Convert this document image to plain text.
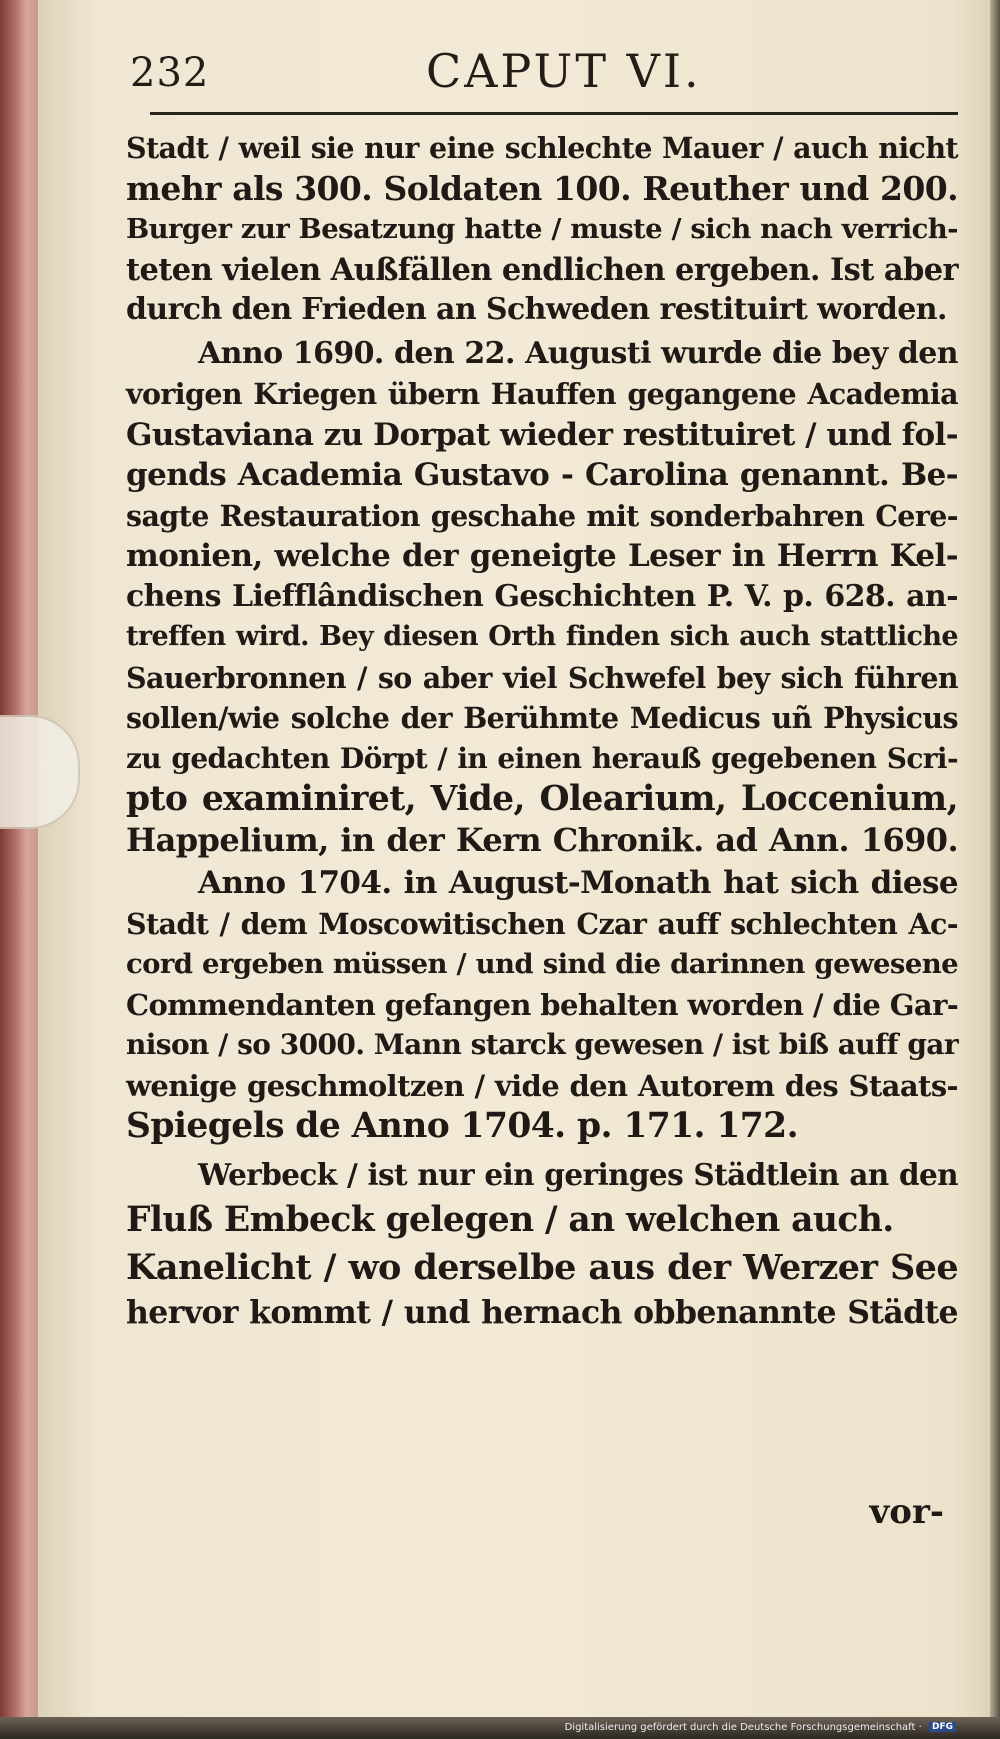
232	CAPUT VI.
Stadt / weil sie nur eine schlechte Mauer / auch nicht
mehr als 300. Soldaten 100. Reuther und 200.
Burger zur Besatzung hatte / muste / sich nach verrich-
teten vielen Außfällen endlichen ergeben. Ist aber
durch den Frieden an Schweden restituirt worden.
Anno 1690. den 22. Augusti wurde die bey den
vorigen Kriegen übern Hauffen gegangene Academia
Gustaviana zu Dorpat wieder restituiret / und fol-
gends Academia Gustavo - Carolina genannt. Be-
sagte Restauration geschahe mit sonderbahren Cere-
monien, welche der geneigte Leser in Herrn Kel-
chens Liefflândischen Geschichten P. V. p. 628. an-
treffen wird. Bey diesen Orth finden sich auch stattliche
Sauerbronnen / so aber viel Schwefel bey sich führen
sollen/wie solche der Berühmte Medicus uñ Physicus
zu gedachten Dörpt / in einen herauß gegebenen Scri-
pto examiniret, Vide, Olearium, Loccenium,
Happelium, in der Kern Chronik. ad Ann. 1690.
Anno 1704. in August-Monath hat sich diese
Stadt / dem Moscowitischen Czar auff schlechten Ac-
cord ergeben müssen / und sind die darinnen gewesene
Commendanten gefangen behalten worden / die Gar-
nison / so 3000. Mann starck gewesen / ist biß auff gar
wenige geschmoltzen / vide den Autorem des Staats-
Spiegels de Anno 1704. p. 171. 172.
Werbeck / ist nur ein geringes Städtlein an den
Fluß Embeck gelegen / an welchen auch.
Kanelicht / wo derselbe aus der Werzer See
hervor kommt / und hernach obbenannte Städte
vor-
Digitalisierung gefördert durch die Deutsche Forschungsgemeinschaft · DFG
